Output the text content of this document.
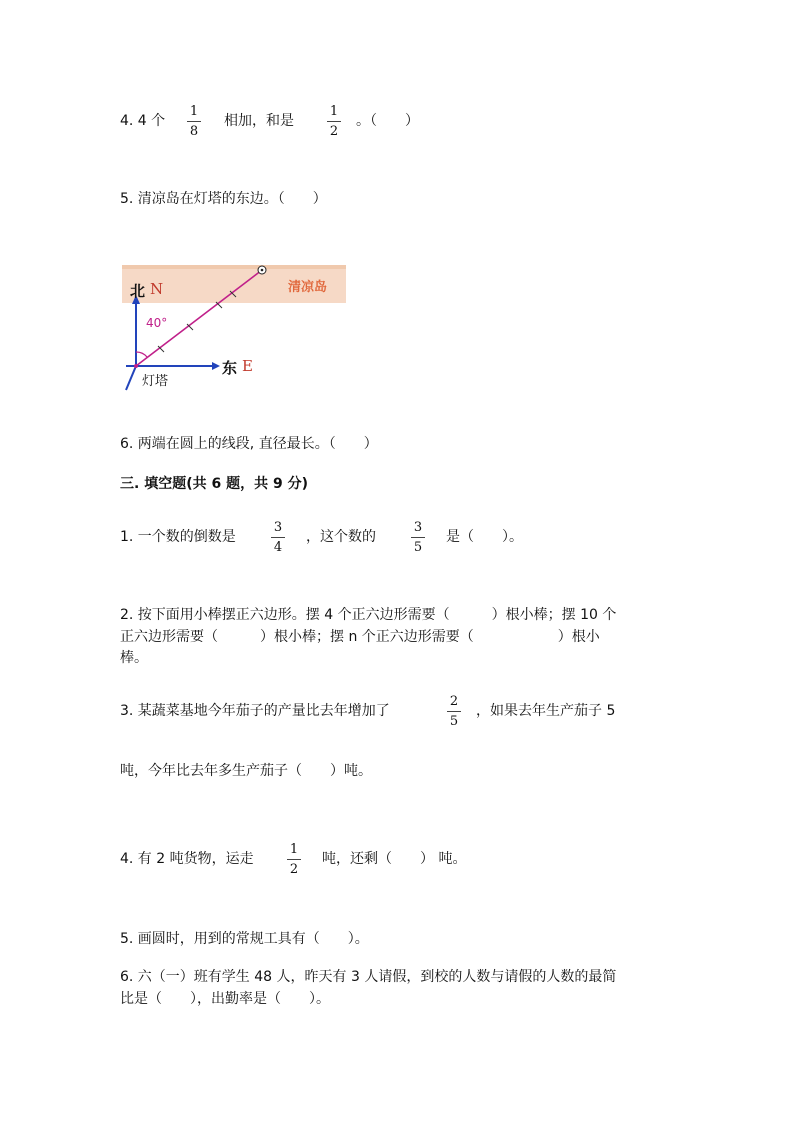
4. 4 个
1
8
相加，和是
1
2
。（　　）
5. 清凉岛在灯塔的东边。（　　）
北 N
40°
灯塔
东 E
清凉岛
6. 两端在圆上的线段, 直径最长。（　　）
三. 填空题(共 6 题，共 9 分)
1. 一个数的倒数是
3
4
，这个数的
3
5
是（　　）。
2. 按下面用小棒摆正六边形。摆 4 个正六边形需要（　　　）根小棒；摆 10 个
正六边形需要（　　　）根小棒；摆 n 个正六边形需要（　　　　　　）根小
棒。
3. 某蔬菜基地今年茄子的产量比去年增加了
2
5
，如果去年生产茄子 5
吨，今年比去年多生产茄子（　　）吨。
4. 有 2 吨货物，运走
1
2
吨，还剩（　　） 吨。
5. 画圆时，用到的常规工具有（　　）。
6. 六（一）班有学生 48 人，昨天有 3 人请假，到校的人数与请假的人数的最简
比是（　　），出勤率是（　　）。
